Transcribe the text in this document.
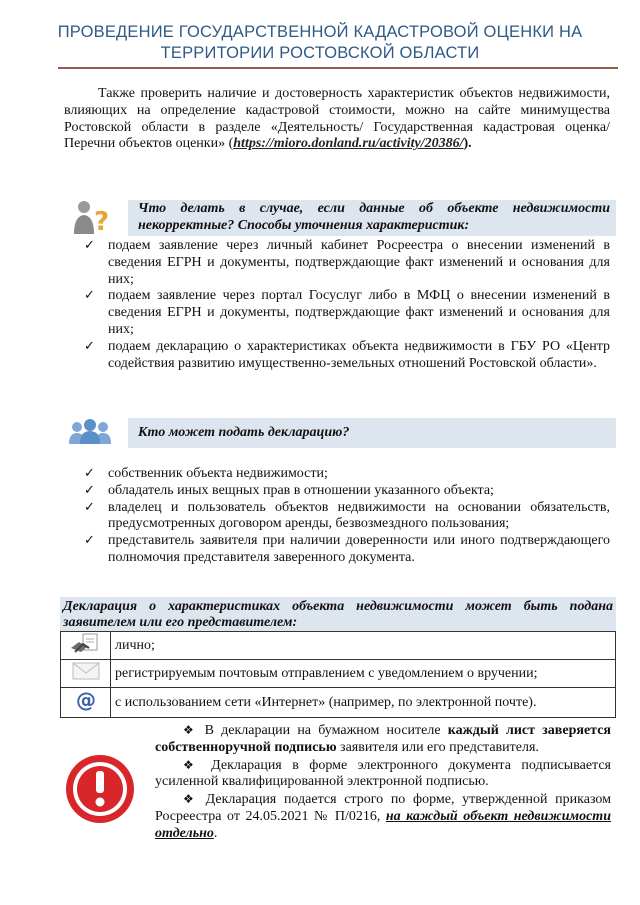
ПРОВЕДЕНИЕ ГОСУДАРСТВЕННОЙ КАДАСТРОВОЙ ОЦЕНКИ НА
ТЕРРИТОРИИ РОСТОВСКОЙ ОБЛАСТИ
Также проверить наличие и достоверность характеристик объектов недвижимости, влияющих на определение кадастровой стоимости, можно на сайте минимущества Ростовской области в разделе «Деятельность/ Государственная кадастровая оценка/ Перечни объектов оценки» (https://mioro.donland.ru/activity/20386/).
?	Что делать в случае, если данные об объекте недвижимости некорректные? Способы уточнения характеристик:
✓ подаем заявление через личный кабинет Росреестра о внесении изменений в сведения ЕГРН и документы, подтверждающие факт изменений и основания для них;
✓ подаем заявление через портал Госуслуг либо в МФЦ о внесении изменений в сведения ЕГРН и документы, подтверждающие факт изменений и основания для них;
✓ подаем декларацию о характеристиках объекта недвижимости в ГБУ РО «Центр содействия развитию имущественно-земельных отношений Ростовской области».
Кто может подать декларацию?
✓ собственник объекта недвижимости;
✓ обладатель иных вещных прав в отношении указанного объекта;
✓ владелец и пользователь объектов недвижимости на основании обязательств, предусмотренных договором аренды, безвозмездного пользования;
✓ представитель заявителя при наличии доверенности или иного подтверждающего полномочия представителя заверенного документа.
Декларация о характеристиках объекта недвижимости может быть подана заявителем или его представителем:
	лично;
	регистрируемым почтовым отправлением с уведомлением о вручении;

@	с использованием сети «Интернет» (например, по электронной почте).

❖ В декларации на бумажном носителе каждый лист заверяется собственноручной подписью заявителя или его представителя.

❖ Декларация в форме электронного документа подписывается усиленной квалифицированной электронной подписью.

❖ Декларация подается строго по форме, утвержденной приказом Росреестра от 24.05.2021 № П/0216, на каждый объект недвижимости отдельно.
